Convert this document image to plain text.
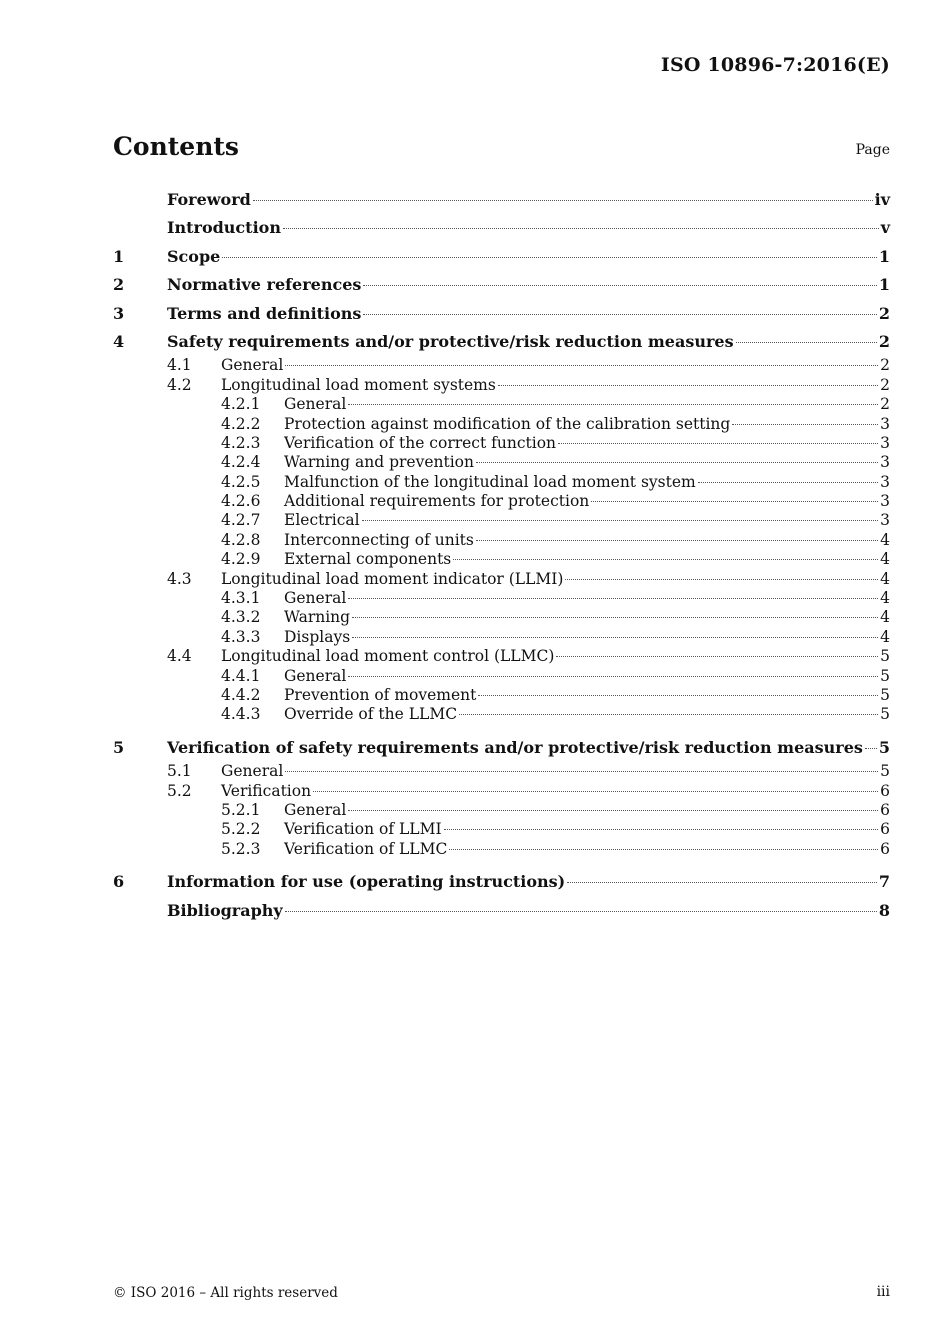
ISO 10896-7:2016(E)
Contents	Page
Foreword	iv
Introduction	v
1	Scope	1
2	Normative references	1
3	Terms and definitions	2
4	Safety requirements and/or protective/risk reduction measures	2
4.1	General	2
4.2	Longitudinal load moment systems	2
4.2.1	General	2
4.2.2	Protection against modification of the calibration setting	3
4.2.3	Verification of the correct function	3
4.2.4	Warning and prevention	3
4.2.5	Malfunction of the longitudinal load moment system	3
4.2.6	Additional requirements for protection	3
4.2.7	Electrical	3
4.2.8	Interconnecting of units	4
4.2.9	External components	4
4.3	Longitudinal load moment indicator (LLMI)	4
4.3.1	General	4
4.3.2	Warning	4
4.3.3	Displays	4
4.4	Longitudinal load moment control (LLMC)	5
4.4.1	General	5
4.4.2	Prevention of movement	5
4.4.3	Override of the LLMC	5
5	Verification of safety requirements and/or protective/risk reduction measures 5
5.1	General	5
5.2	Verification	6
5.2.1	General	6
5.2.2	Verification of LLMI	6
5.2.3	Verification of LLMC	6
6	Information for use (operating instructions)	7
Bibliography	8
© ISO 2016 – All rights reserved	iii
